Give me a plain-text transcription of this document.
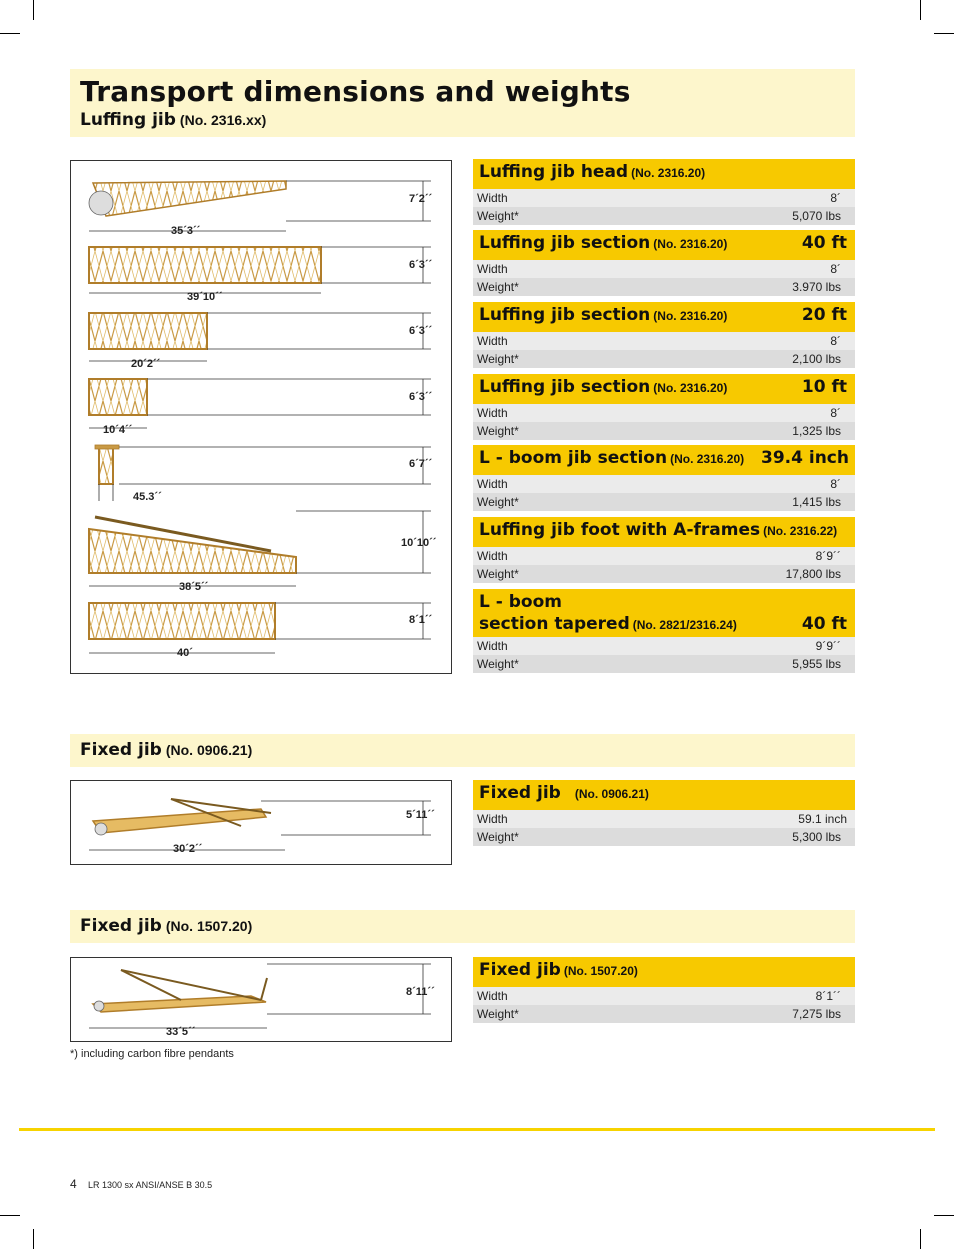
Transport dimensions and weights
Luffing jib (No. 2316.xx)
7´2´´
35´3´´
6´3´´
39´10´´
6´3´´
20´2´´
6´3´´
10´4´´
6´7´´
45.3´´
10´10´´
38´5´´
8´1´´
40´
Luffing jib head (No. 2316.20)
Width	8´
Weight*	5,070 lbs
Luffing jib section (No. 2316.20)	40 ft
Width	8´
Weight*	3.970 lbs
Luffing jib section (No. 2316.20)	20 ft
Width	8´
Weight*	2,100 lbs
Luffing jib section (No. 2316.20)	10 ft
Width	8´
Weight*	1,325 lbs
L - boom jib section (No. 2316.20) 39.4 inch
Width	8´
Weight*	1,415 lbs
Luffing jib foot with A-frames (No. 2316.22)
Width	8´9´´
Weight*	17,800 lbs
L - boom
section tapered (No. 2821/2316.24)	40 ft
Width	9´9´´
Weight*	5,955 lbs
Fixed jib (No. 0906.21)
5´11´´
30´2´´
Fixed jib (No. 0906.21)
Width	59.1 inch
Weight*	5,300 lbs
Fixed jib (No. 1507.20)
8´11´´
33´5´´
Fixed jib (No. 1507.20)
Width	8´1´´
Weight*	7,275 lbs
*) including carbon fibre pendants
4 LR 1300 sx ANSI/ANSE B 30.5
